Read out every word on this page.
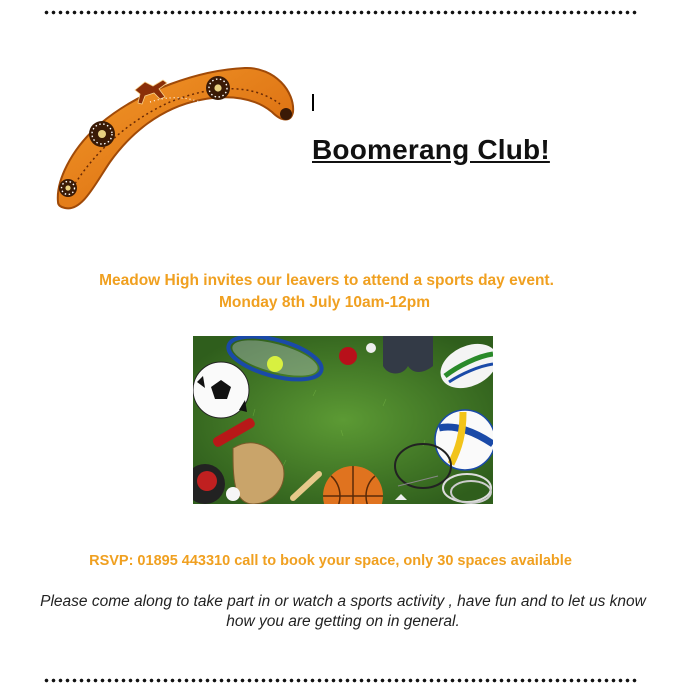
Boomerang Club!

Meadow High invites our leavers to attend a sports day event.

Monday 8th July 10am-12pm

RSVP: 01895 443310 call to book your space, only 30 spaces available

Please come along to take part in or watch a sports activity , have fun and to let us know how you are getting on in general.
